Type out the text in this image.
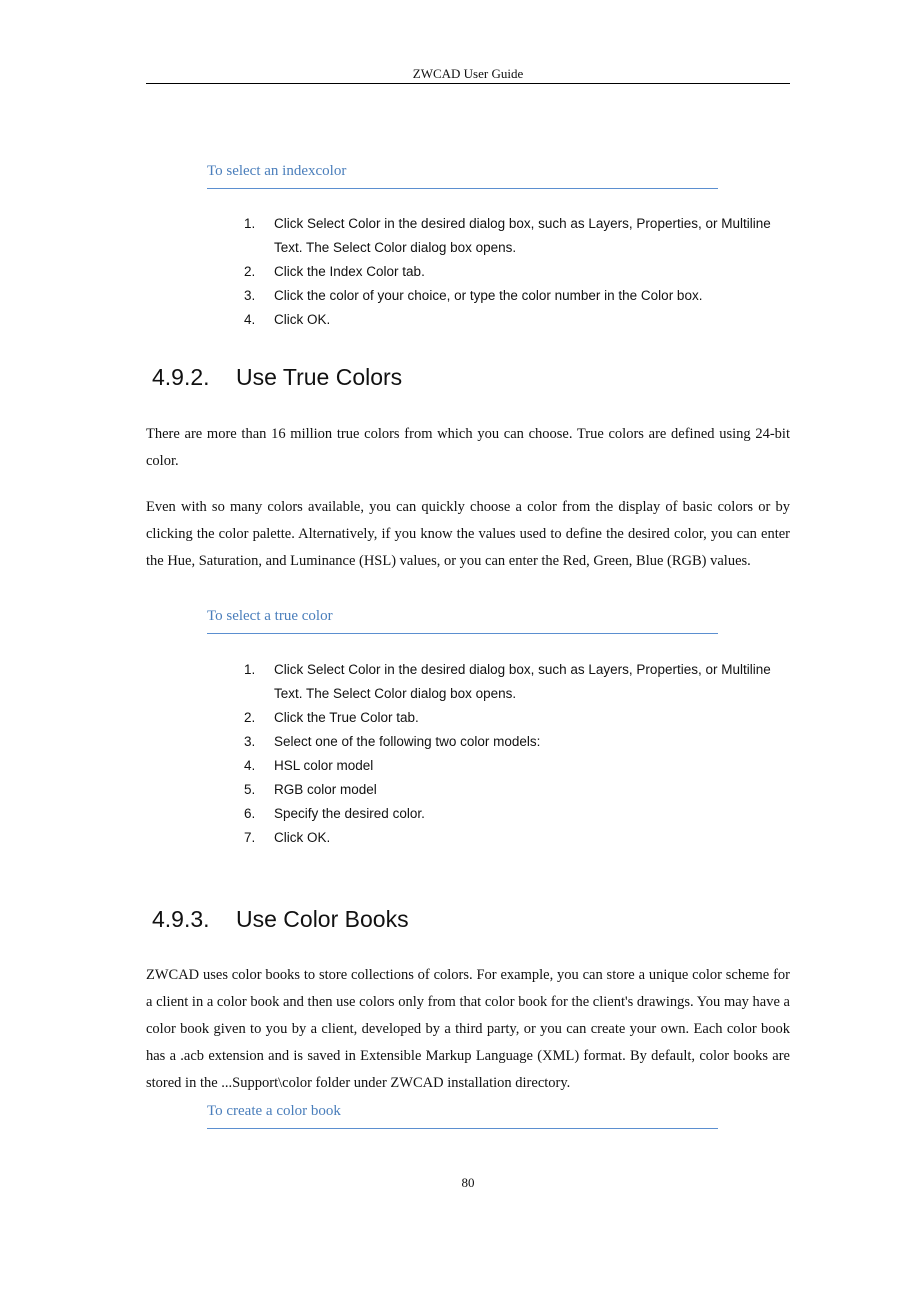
ZWCAD User Guide
To select an indexcolor
1. Click Select Color in the desired dialog box, such as Layers, Properties, or Multiline Text. The Select Color dialog box opens.
2. Click the Index Color tab.
3. Click the color of your choice, or type the color number in the Color box.
4. Click OK.
4.9.2. Use True Colors

There are more than 16 million true colors from which you can choose. True colors are defined using 24-bit color.

Even with so many colors available, you can quickly choose a color from the display of basic colors or by clicking the color palette. Alternatively, if you know the values used to define the desired color, you can enter the Hue, Saturation, and Luminance (HSL) values, or you can enter the Red, Green, Blue (RGB) values.

To select a true color
1. Click Select Color in the desired dialog box, such as Layers, Properties, or Multiline Text. The Select Color dialog box opens.
2. Click the True Color tab.
3. Select one of the following two color models:
4. HSL color model
5. RGB color model
6. Specify the desired color.
7. Click OK.
4.9.3. Use Color Books

ZWCAD uses color books to store collections of colors. For example, you can store a unique color scheme for a client in a color book and then use colors only from that color book for the client's drawings. You may have a color book given to you by a client, developed by a third party, or you can create your own. Each color book has a .acb extension and is saved in Extensible Markup Language (XML) format. By default, color books are stored in the ...Support\color folder under ZWCAD installation directory.

To create a color book
80
